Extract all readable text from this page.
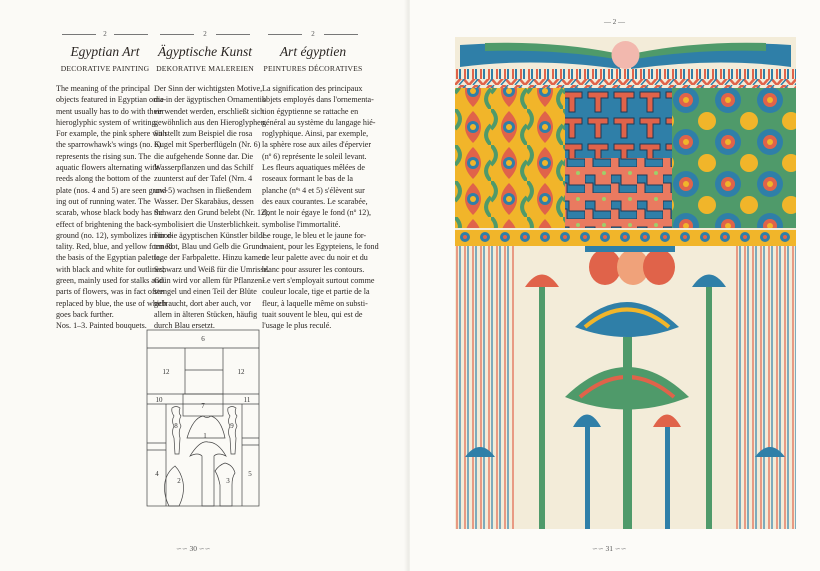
2
Egyptian Art
DECORATIVE PAINTING
The meaning of the principal
objects featured in Egyptian orna-
ment usually has to do with their
hieroglyphic system of writing.
For example, the pink sphere with
the sparrowhawk's wings (no. 6)
represents the rising sun. The
aquatic flowers alternating with
reeds along the bottom of the
plate (nos. 4 and 5) are seen grow-
ing out of running water. The
scarab, whose black body has the
effect of brightening the back-
ground (no. 12), symbolizes immor-
tality. Red, blue, and yellow formed
the basis of the Egyptian palette,
with black and white for outlines;
green, mainly used for stalks and
parts of flowers, was in fact often
replaced by blue, the use of which
goes back further.
Nos. 1–3. Painted bouquets.
2
Ägyptische Kunst
DEKORATIVE MALEREIEN
Der Sinn der wichtigsten Motive,
die in der ägyptischen Ornamentik
verwendet werden, erschließt sich
gewöhnlich aus den Hieroglyphen.
So stellt zum Beispiel die rosa
Kugel mit Sperberflügeln (Nr. 6)
die aufgehende Sonne dar. Die
Wasserpflanzen und das Schilf
zuunterst auf der Tafel (Nrn. 4
und 5) wachsen in fließendem
Wasser. Der Skarabäus, dessen
Schwarz den Grund belebt (Nr. 12),
symbolisiert die Unsterblichkeit.
Für die ägyptischen Künstler bilde-
ten Rot, Blau und Gelb die Grund-
lage der Farbpalette. Hinzu kamen
Schwarz und Weiß für die Umrisse.
Grün wird vor allem für Pflanzen-
stengel und einen Teil der Blüte
gebraucht, dort aber auch, vor
allem in älteren Stücken, häufig
durch Blau ersetzt.
2
Art égyptien
PEINTURES DÉCORATIVES
La signification des principaux
objets employés dans l'ornementa-
tion égyptienne se rattache en
général au système du langage hié-
roglyphique. Ainsi, par exemple,
la sphère rose aux ailes d'épervier
(nº 6) représente le soleil levant.
Les fleurs aquatiques mêlées de
roseaux formant le bas de la
planche (nºˢ 4 et 5) s'élèvent sur
des eaux courantes. Le scarabée,
dont le noir égaye le fond (nº 12),
symbolise l'immortalité.
Le rouge, le bleu et le jaune for-
maient, pour les Egypteiens, le fond
de leur palette avec du noir et du
blanc pour assurer les contours.
Le vert s'employait surtout comme
couleur locale, tige et partie de la
fleur, à laquelle même on substi-
tuait souvent le bleu, qui est de
l'usage le plus reculé.
6
12	12
10	11
7
8	9
1
4	5
2	3
∽∽ 30 ∽∽
— 2 —
∽∽ 31 ∽∽
